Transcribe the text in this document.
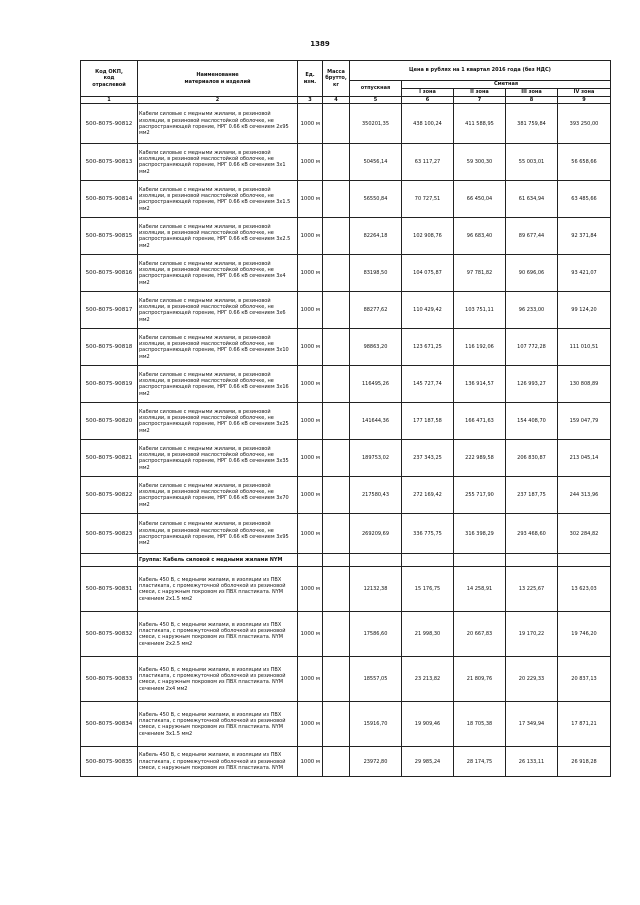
1389
Код ОКП,
код
отраслевой	Наименование
материалов и изделий	Ед.
изм.	Масса
брутто,
кг	Цена в рублях на 1 квартал 2016 года (без НДС)				
				отпускная	Сметная			
					I зона	II зона	III зона	IV зона
1	2	3	4	5	6	7	8	9
500-8075-90812	Кабели силовые с медными жилами, в резиновой изоляции, в резиновой маслостойкой оболочке, не распространяющей горение, НРГ 0.66 кВ сечением 2х95 мм2	1000 м		350201,35	438 100,24	411 588,95	381 759,84	393 250,00
500-8075-90813	Кабели силовые с медными жилами, в резиновой изоляции, в резиновой маслостойкой оболочке, не распространяющей горение, НРГ 0.66 кВ сечением 3х1 мм2	1000 м		50456,14	63 117,27	59 300,30	55 003,01	56 658,66
500-8075-90814	Кабели силовые с медными жилами, в резиновой изоляции, в резиновой маслостойкой оболочке, не распространяющей горение, НРГ 0.66 кВ сечением 3х1.5 мм2	1000 м		56550,84	70 727,51	66 450,04	61 634,94	63 485,66
500-8075-90815	Кабели силовые с медными жилами, в резиновой изоляции, в резиновой маслостойкой оболочке, не распространяющей горение, НРГ 0.66 кВ сечением 3х2.5 мм2	1000 м		82264,18	102 908,76	96 683,40	89 677,44	92 371,84
500-8075-90816	Кабели силовые с медными жилами, в резиновой изоляции, в резиновой маслостойкой оболочке, не распространяющей горение, НРГ 0.66 кВ сечением 3х4 мм2	1000 м		83198,50	104 075,87	97 781,82	90 696,06	93 421,07
500-8075-90817	Кабели силовые с медными жилами, в резиновой изоляции, в резиновой маслостойкой оболочке, не распространяющей горение, НРГ 0.66 кВ сечением 3х6 мм2	1000 м		88277,62	110 429,42	103 751,11	96 233,00	99 124,20
500-8075-90818	Кабели силовые с медными жилами, в резиновой изоляции, в резиновой маслостойкой оболочке, не распространяющей горение, НРГ 0.66 кВ сечением 3х10 мм2	1000 м		98863,20	123 671,25	116 192,06	107 772,28	111 010,51
500-8075-90819	Кабели силовые с медными жилами, в резиновой изоляции, в резиновой маслостойкой оболочке, не распространяющей горение, НРГ 0.66 кВ сечением 3х16 мм2	1000 м		116495,26	145 727,74	136 914,57	126 993,27	130 808,89
500-8075-90820	Кабели силовые с медными жилами, в резиновой изоляции, в резиновой маслостойкой оболочке, не распространяющей горение, НРГ 0.66 кВ сечением 3х25 мм2	1000 м		141644,36	177 187,58	166 471,63	154 408,70	159 047,79
500-8075-90821	Кабели силовые с медными жилами, в резиновой изоляции, в резиновой маслостойкой оболочке, не распространяющей горение, НРГ 0.66 кВ сечением 3х35 мм2	1000 м		189753,02	237 343,25	222 989,58	206 830,87	213 045,14
500-8075-90822	Кабели силовые с медными жилами, в резиновой изоляции, в резиновой маслостойкой оболочке, не распространяющей горение, НРГ 0.66 кВ сечением 3х70 мм2	1000 м		217580,43	272 169,42	255 717,90	237 187,75	244 313,96
500-8075-90823	Кабели силовые с медными жилами, в резиновой изоляции, в резиновой маслостойкой оболочке, не распространяющей горение, НРГ 0.66 кВ сечением 3х95 мм2	1000 м		269209,69	336 775,75	316 398,29	293 468,60	302 284,82
	Группа: Кабель силовой с медными жилами NYM							
500-8075-90831	Кабель 450 В, с медными жилами, в изоляции из ПВХ пластиката, с промежуточной оболочкой из резиновой смеси, с наружным покровом из ПВХ пластиката. NYM сечением 2х1.5 мм2	1000 м		12132,38	15 176,75	14 258,91	13 225,67	13 623,03
500-8075-90832	Кабель 450 В, с медными жилами, в изоляции из ПВХ пластиката, с промежуточной оболочкой из резиновой смеси, с наружным покровом из ПВХ пластиката. NYM сечением 2х2.5 мм2	1000 м		17586,60	21 998,30	20 667,83	19 170,22	19 746,20
500-8075-90833	Кабель 450 В, с медными жилами, в изоляции из ПВХ пластиката, с промежуточной оболочкой из резиновой смеси, с наружным покровом из ПВХ пластиката. NYM сечением 2х4 мм2	1000 м		18557,05	23 213,82	21 809,76	20 229,33	20 837,13
500-8075-90834	Кабель 450 В, с медными жилами, в изоляции из ПВХ пластиката, с промежуточной оболочкой из резиновой смеси, с наружным покровом из ПВХ пластиката. NYM сечением 3х1.5 мм2	1000 м		15916,70	19 909,46	18 705,38	17 349,94	17 871,21
500-8075-90835	Кабель 450 В, с медными жилами, в изоляции из ПВХ пластиката, с промежуточной оболочкой из резиновой смеси, с наружным покровом из ПВХ пластиката. NYM	1000 м		23972,80	29 985,24	28 174,75	26 133,11	26 918,28
